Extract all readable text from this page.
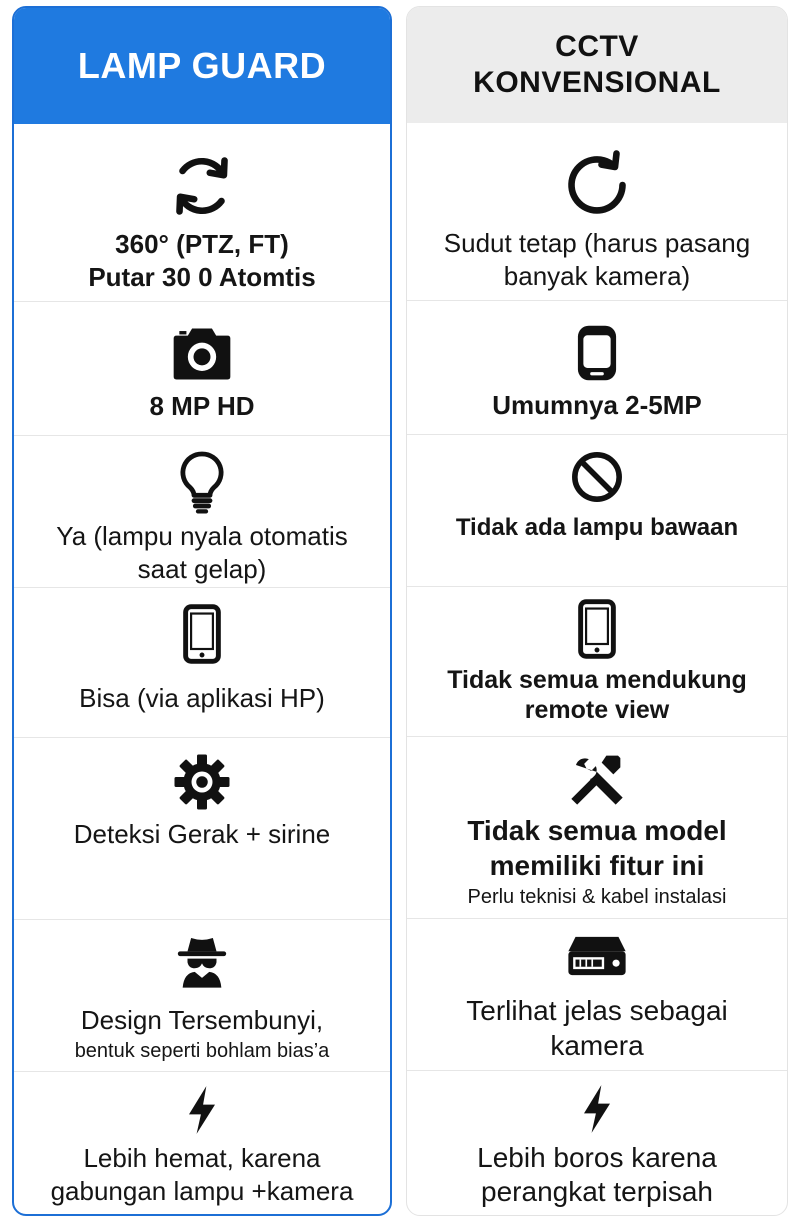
LAMP GUARD
360° (PTZ, FT)
Putar 30 0 Atomtis
8 MP HD
Ya (lampu nyala otomatis
saat gelap)
Bisa (via aplikasi HP)
Deteksi Gerak + sirine
Design Tersembunyi,
bentuk seperti bohlam bias’a
Lebih hemat, karena
gabungan lampu +kamera
CCTV
KONVENSIONAL
Sudut tetap (harus pasang
banyak kamera)
Umumnya 2-5MP
Tidak ada lampu bawaan
Tidak semua mendukung
remote view
Tidak semua model
memiliki fitur ini
Perlu teknisi & kabel instalasi
Terlihat jelas sebagai
kamera
Lebih boros karena
perangkat terpisah
